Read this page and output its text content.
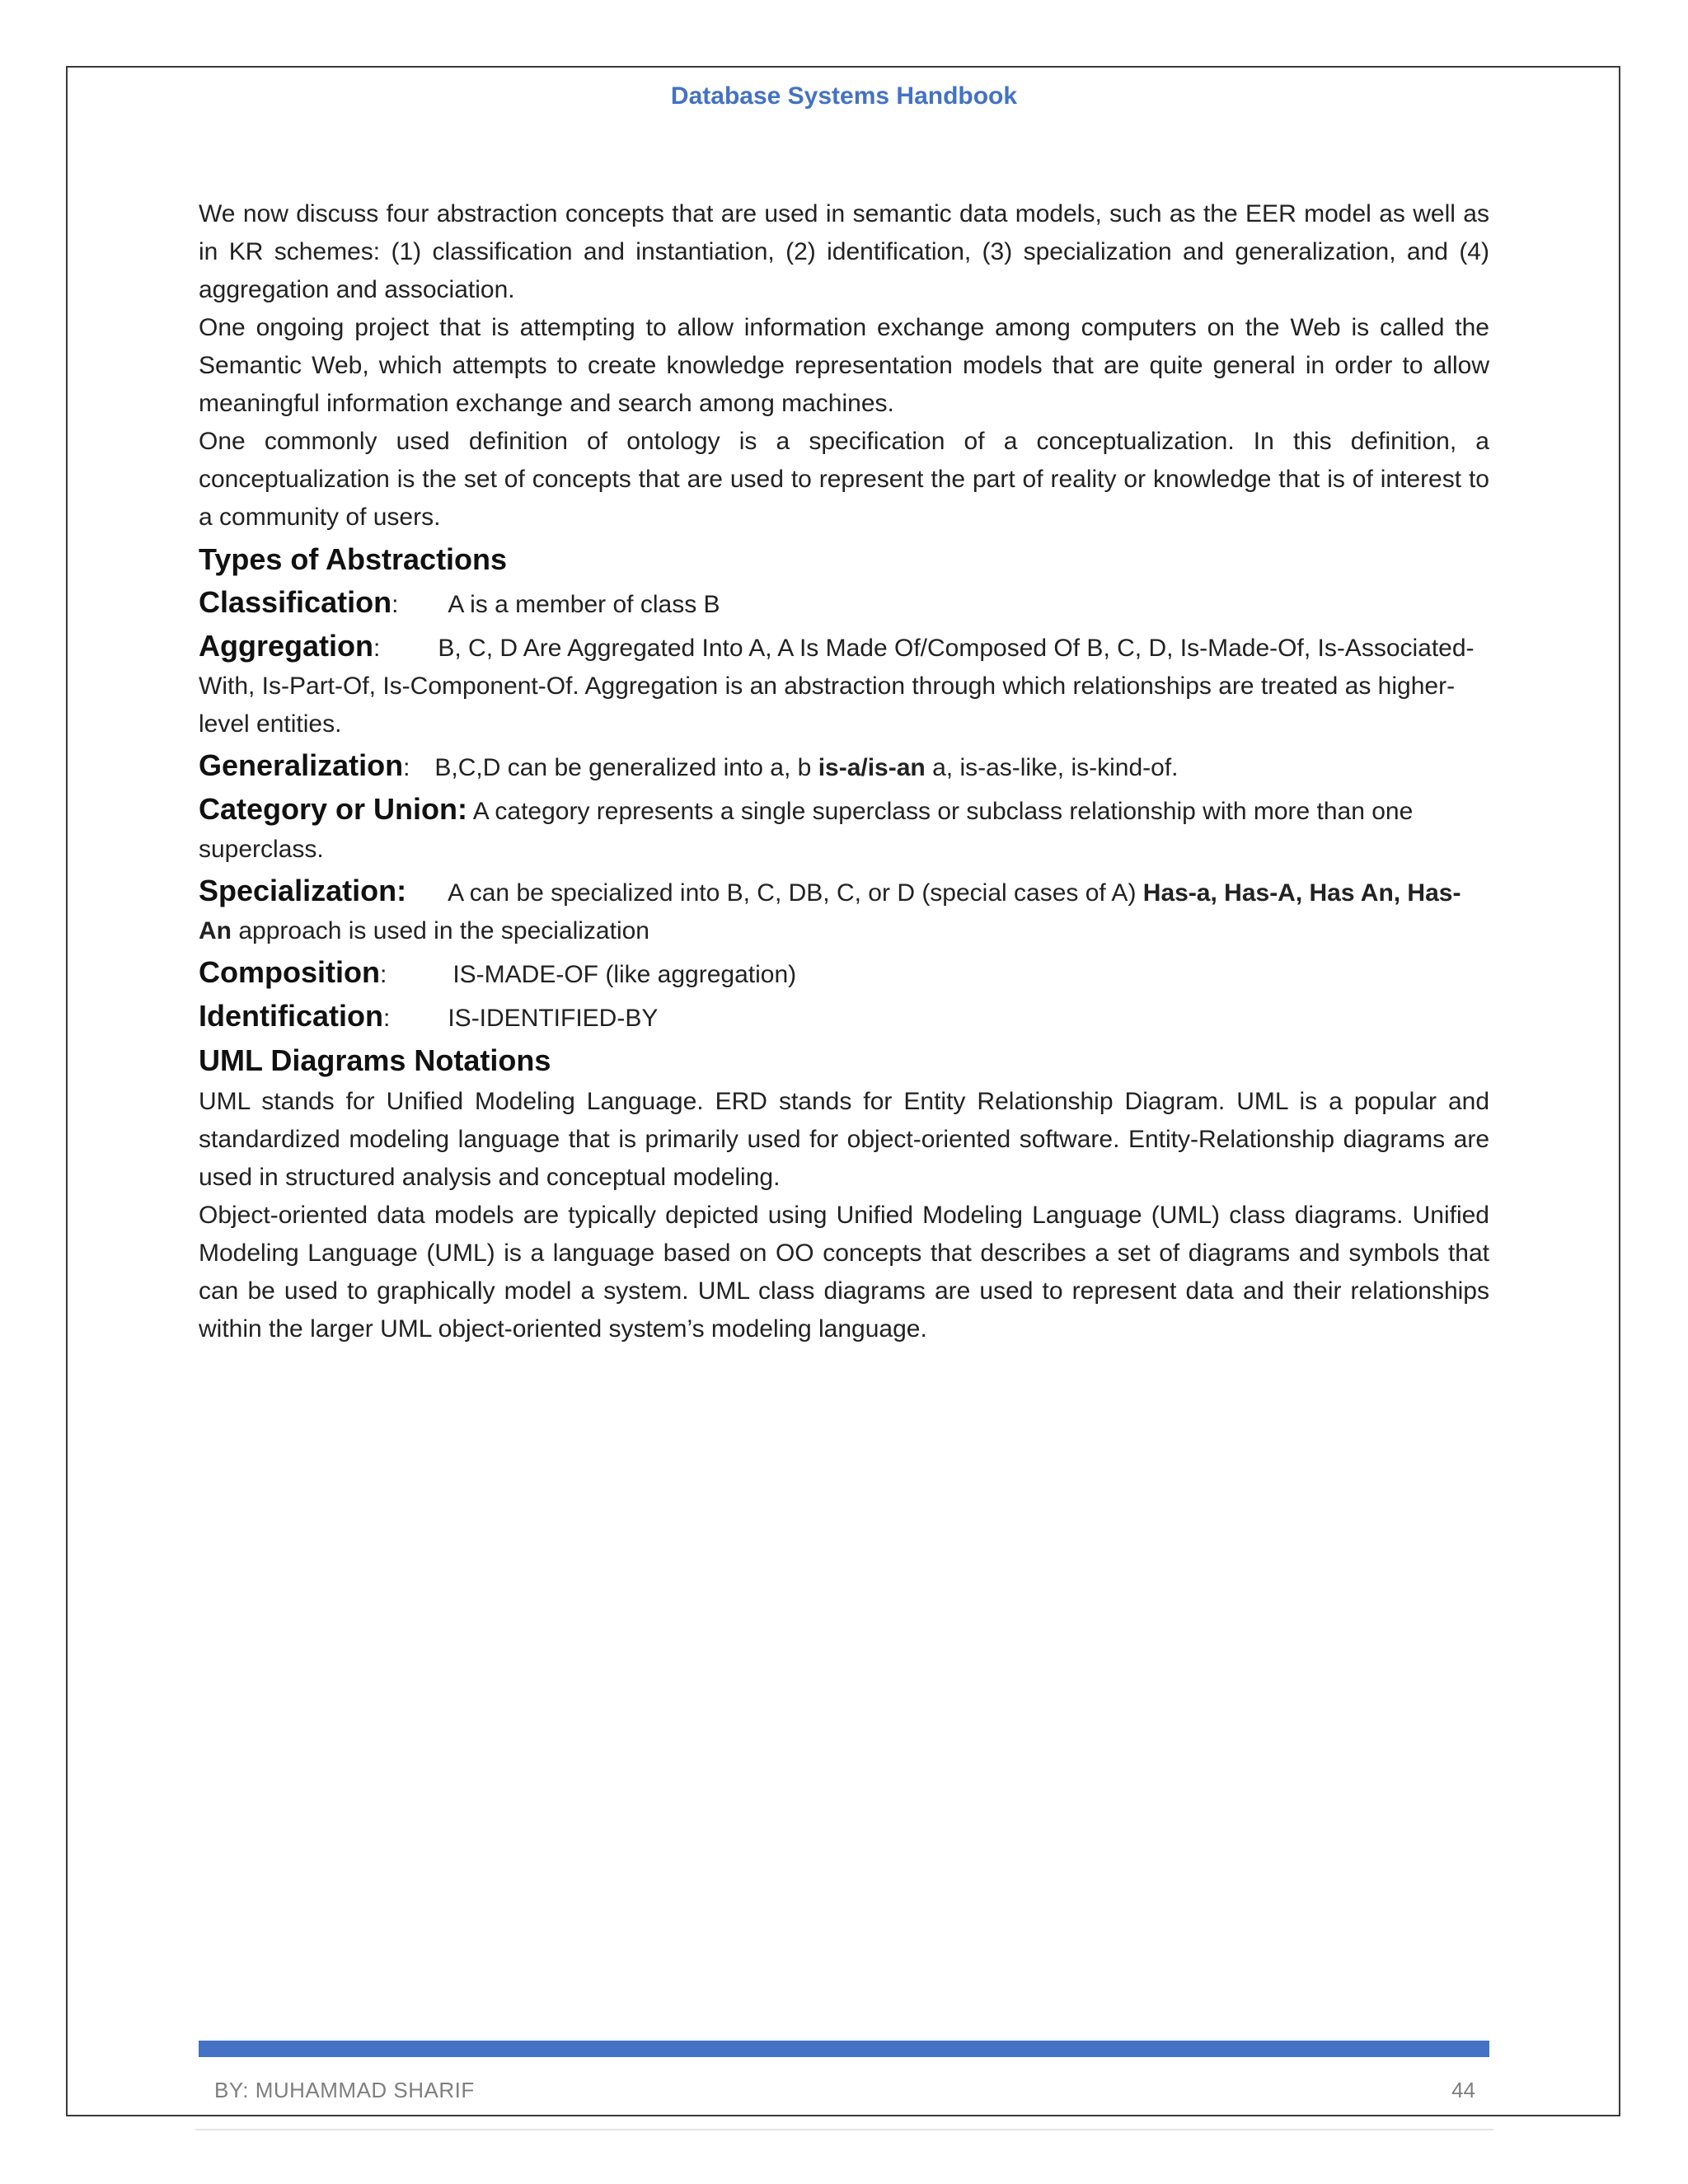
Database Systems Handbook

We now discuss four abstraction concepts that are used in semantic data models, such as the EER model as well as in KR schemes: (1) classification and instantiation, (2) identification, (3) specialization and generalization, and (4) aggregation and association.

One ongoing project that is attempting to allow information exchange among computers on the Web is called the Semantic Web, which attempts to create knowledge representation models that are quite general in order to allow meaningful information exchange and search among machines.

One commonly used definition of ontology is a specification of a conceptualization. In this definition, a conceptualization is the set of concepts that are used to represent the part of reality or knowledge that is of interest to a community of users.

Types of Abstractions
Classification: A is a member of class B
Aggregation: B, C, D Are Aggregated Into A, A Is Made Of/Composed Of B, C, D, Is-Made-Of, Is-Associated-With, Is-Part-Of, Is-Component-Of. Aggregation is an abstraction through which relationships are treated as higher-level entities.
Generalization: B,C,D can be generalized into a, b is-a/is-an a, is-as-like, is-kind-of.
Category or Union: A category represents a single superclass or subclass relationship with more than one superclass.
Specialization: A can be specialized into B, C, DB, C, or D (special cases of A) Has-a, Has-A, Has An, Has-An approach is used in the specialization
Composition:	IS-MADE-OF (like aggregation)
Identification: IS-IDENTIFIED-BY
UML Diagrams Notations

UML stands for Unified Modeling Language. ERD stands for Entity Relationship Diagram. UML is a popular and standardized modeling language that is primarily used for object-oriented software. Entity-Relationship diagrams are used in structured analysis and conceptual modeling.

Object-oriented data models are typically depicted using Unified Modeling Language (UML) class diagrams. Unified Modeling Language (UML) is a language based on OO concepts that describes a set of diagrams and symbols that can be used to graphically model a system. UML class diagrams are used to represent data and their relationships within the larger UML object-oriented system’s modeling language.

BY: MUHAMMAD SHARIF	44
